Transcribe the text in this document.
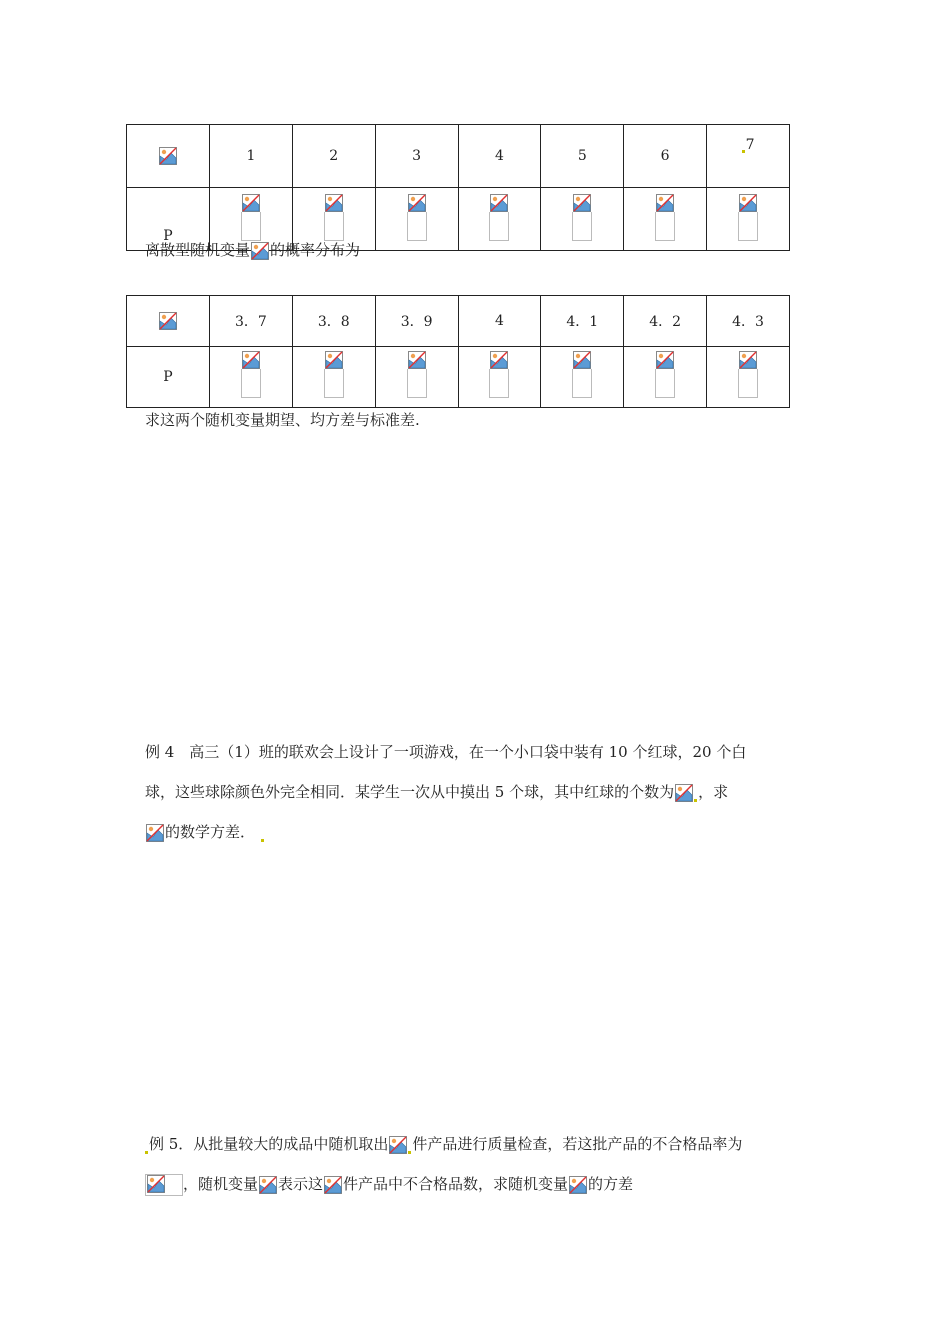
	1	2	3	4	5	6	7
P	

离散型随机变量 的概率分布为
	3．7	3．8	3．9	4	4．1	4．2	4．3
P	

求这两个随机变量期望、均方差与标准差.
例 4　高三（1）班的联欢会上设计了一项游戏，在一个小口袋中装有 10 个红球，20 个白
球，这些球除颜色外完全相同．某学生一次从中摸出 5 个球，其中红球的个数为 ，求
的数学方差．
例 5．从批量较大的成品中随机取出 件产品进行质量检查，若这批产品的不合格品率为
，随机变量 表示这 件产品中不合格品数，求随机变量 的方差
